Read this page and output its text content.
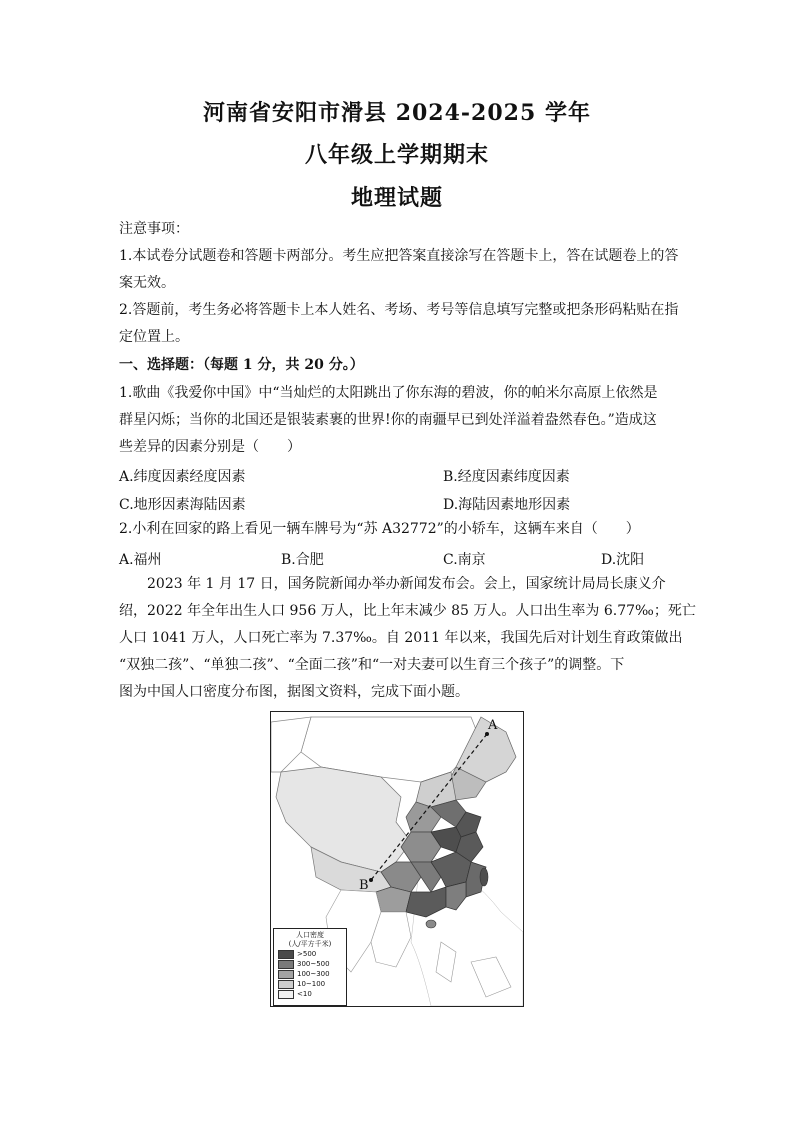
河南省安阳市滑县 2024-2025 学年
八年级上学期期末
地理试题
注意事项：
1.本试卷分试题卷和答题卡两部分。考生应把答案直接涂写在答题卡上，答在试题卷上的答
案无效。
2.答题前，考生务必将答题卡上本人姓名、考场、考号等信息填写完整或把条形码粘贴在指
定位置上。
一、选择题：（每题 1 分，共 20 分。）
1.歌曲《我爱你中国》中“当灿烂的太阳跳出了你东海的碧波，你的帕米尔高原上依然是
群星闪烁；当你的北国还是银装素裹的世界!你的南疆早已到处洋溢着盎然春色。”造成这
些差异的因素分别是（　　）
A.纬度因素经度因素	B.经度因素纬度因素
C.地形因素海陆因素	D.海陆因素地形因素
2.小利在回家的路上看见一辆车牌号为“苏 A32772”的小轿车，这辆车来自（　　）
A.福州	B.合肥	C.南京	D.沈阳
2023 年 1 月 17 日，国务院新闻办举办新闻发布会。会上，国家统计局局长康义介
绍，2022 年全年出生人口 956 万人，比上年末减少 85 万人。人口出生率为 6.77‰；死亡
人口 1041 万人，人口死亡率为 7.37‰。自 2011 年以来，我国先后对计划生育政策做出
“双独二孩”、“单独二孩”、“全面二孩”和“一对夫妻可以生育三个孩子”的调整。下
图为中国人口密度分布图，据图文资料，完成下面小题。
A
B
人口密度
(人/平方千米)
>500
300~500
100~300
10~100
<10
